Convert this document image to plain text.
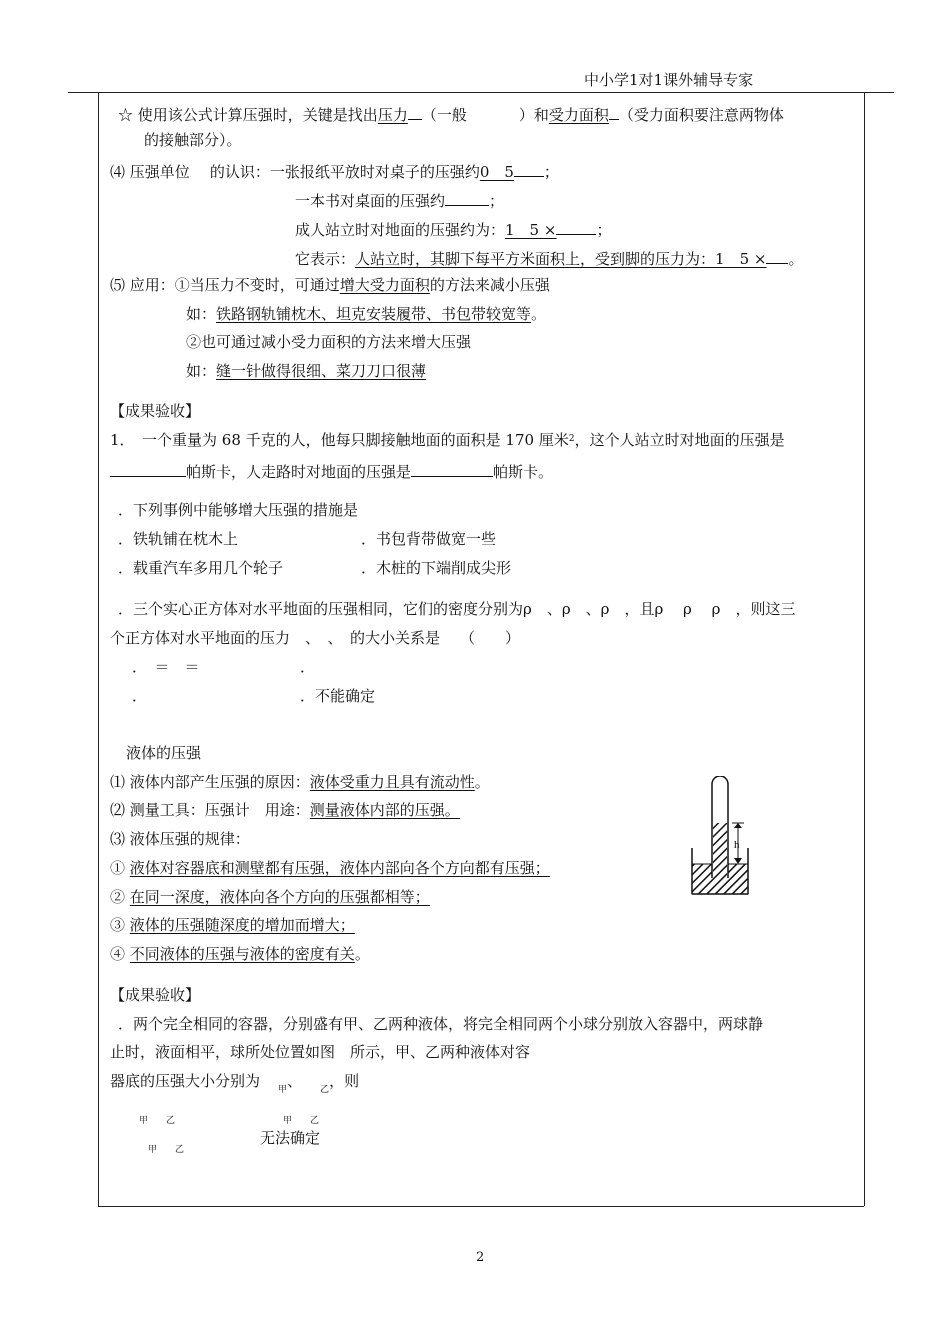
中小学1对1课外辅导专家
☆ 使用该公式计算压强时，关键是找出压力 （一般	）和受力面积 （受力面积要注意两物体
的接触部分）。
⑷ 压强单位 的认识：一张报纸平放时对桌子的压强约0　5 ；
一本书对桌面的压强约	；
成人站立时对地面的压强约为：1　5 ×	；
它表示：人站立时，其脚下每平方米面积上，受到脚的压力为：1　5 × 。
⑸ 应用：①当压力不变时，可通过增大受力面积的方法来减小压强
如：铁路钢轨铺枕木、坦克安装履带、书包带较宽等。
②也可通过减小受力面积的方法来增大压强
如：缝一针做得很细、菜刀刀口很薄
【成果验收】
1．　一个重量为 68 千克的人，他每只脚接触地面的面积是 170 厘米$^2$，这个人站立时对地面的压强是
帕斯卡，人走路时对地面的压强是	帕斯卡。
．下列事例中能够增大压强的措施是
．铁轨铺在枕木上	．书包背带做宽一些
．载重汽车多用几个轮子	．木桩的下端削成尖形
．三个实心正方体对水平地面的压强相同，它们的密度分别为ρ　、ρ　、ρ　，且ρ　 ρ　 ρ　，则这三
个正方体对水平地面的压力　、　、　的大小关系是 （　　）
．　＝　＝	．
．	．不能确定
液体的压强
⑴ 液体内部产生压强的原因：液体受重力且具有流动性。
⑵ 测量工具：压强计　用途：测量液体内部的压强。
⑶ 液体压强的规律：
① 液体对容器底和测壁都有压强，液体内部向各个方向都有压强；
② 在同一深度，液体向各个方向的压强都相等；
③ 液体的压强随深度的增加而增大；
④ 不同液体的压强与液体的密度有关。
h
【成果验收】
．两个完全相同的容器，分别盛有甲、乙两种液体，将完全相同两个小球分别放入容器中，两球静
止时，液面相平，球所处位置如图　所示，甲、乙两种液体对容
器底的压强大小分别为 $_甲$、 $_乙$，则
甲 乙	甲 乙
甲 乙
无法确定
2
